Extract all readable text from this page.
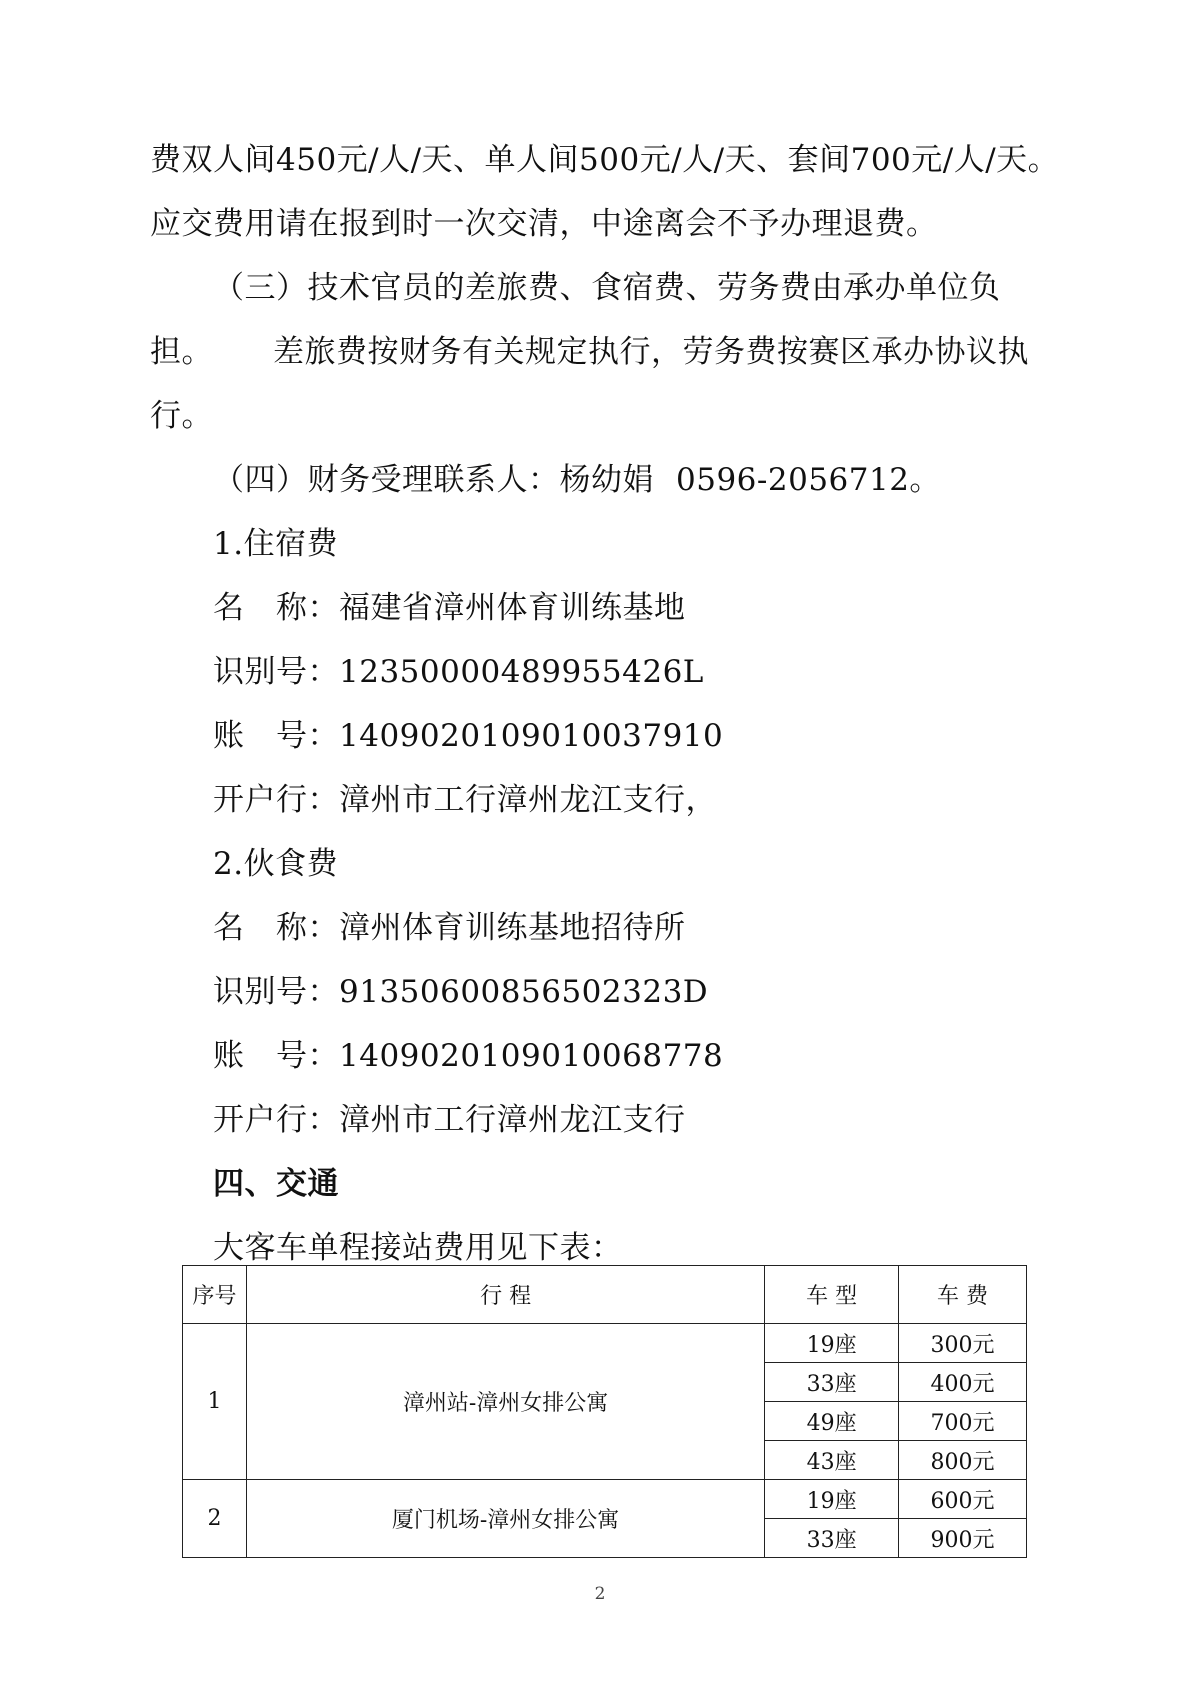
费双人间450元/人/天、单人间500元/人/天、套间700元/人/天。
应交费用请在报到时一次交清，中途离会不予办理退费。
（三）技术官员的差旅费、食宿费、劳务费由承办单位负
担。 差旅费按财务有关规定执行，劳务费按赛区承办协议执
行。
（四）财务受理联系人：杨幼娟 0596-2056712。
1.住宿费
名　称：福建省漳州体育训练基地
识别号：12350000489955426L
账　号：1409020109010037910
开户行：漳州市工行漳州龙江支行，
2.伙食费
名　称：漳州体育训练基地招待所
识别号：91350600856502323D
账　号：1409020109010068778
开户行：漳州市工行漳州龙江支行
四、交通
大客车单程接站费用见下表：
序号	行 程	车 型	车 费
1	漳州站-漳州女排公寓	19座	300元
		33座	400元
		49座	700元
		43座	800元
2	厦门机场-漳州女排公寓	19座	600元
		33座	900元
2
